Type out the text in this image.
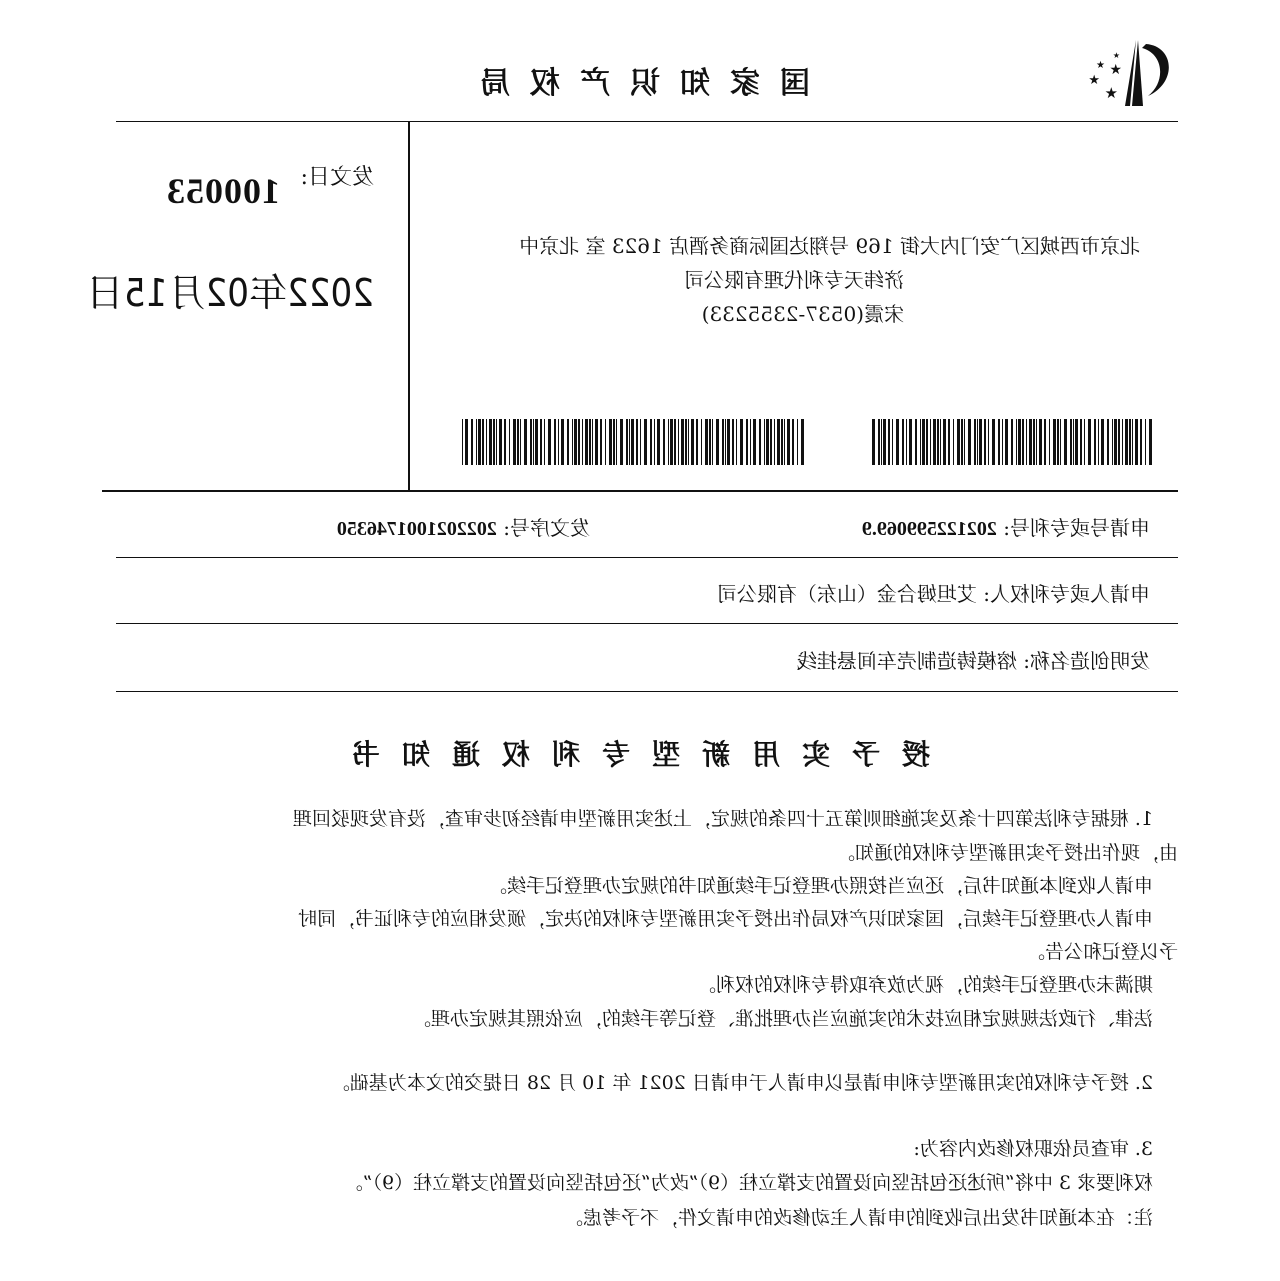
国家知识产权局
★
★
★
★
★
100053
北京市西城区广安门内大街 169 号翔达国际商务酒店 1623 室 北京中
济纬天专利代理有限公司
宋震(0537-2355233)
发文日:
2022年02月15日
申请号或专利号: 202122599069.9
发文序号: 2022021001746350
申请人或专利权人: 艾坦姆合金（山东）有限公司
发明创造名称: 熔模铸造制壳车间悬挂线
授予实用新型专利权通知书
1. 根据专利法第四十条及实施细则第五十四条的规定，上述实用新型申请经初步审查，没有发现驳回理
由，现作出授予实用新型专利权的通知。
申请人收到本通知书后，还应当按照办理登记手续通知书的规定办理登记手续。
申请人办理登记手续后，国家知识产权局作出授予实用新型专利权的决定，颁发相应的专利证书，同时
予以登记和公告。
期满未办理登记手续的，视为放弃取得专利权的权利。
法律、行政法规规定相应技术的实施应当办理批准、登记等手续的，应依照其规定办理。
2. 授予专利权的实用新型专利申请是以申请人于申请日 2021 年 10 月 28 日提交的文本为基础。
3. 审查员依职权修改内容为:
权利要求 3 中将“所述还包括竖向设置的支撑立柱（9）”改为“还包括竖向设置的支撑立柱（9）”。
注：在本通知书发出后收到的申请人主动修改的申请文件，不予考虑。
